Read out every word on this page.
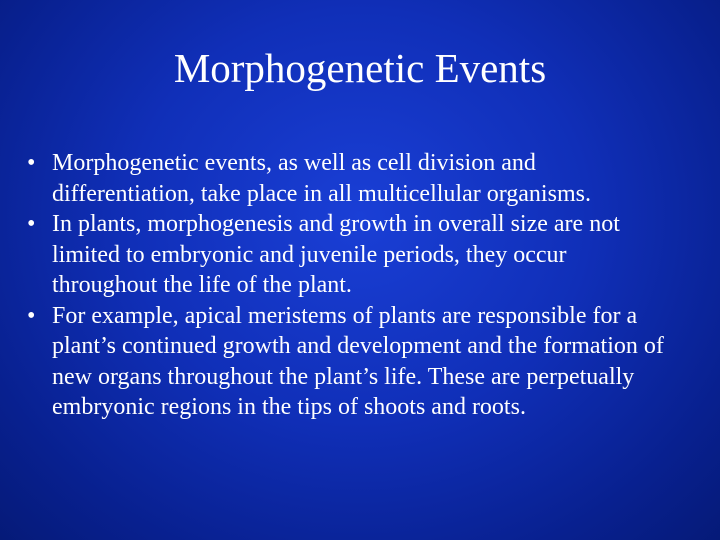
Morphogenetic Events
• Morphogenetic events, as well as cell division and differentiation, take place in all multicellular organisms.
• In plants, morphogenesis and growth in overall size are not limited to embryonic and juvenile periods, they occur throughout the life of the plant.
• For example, apical meristems of plants are responsible for a plant’s continued growth and development and the formation of new organs throughout the plant’s life. These are perpetually embryonic regions in the tips of shoots and roots.
